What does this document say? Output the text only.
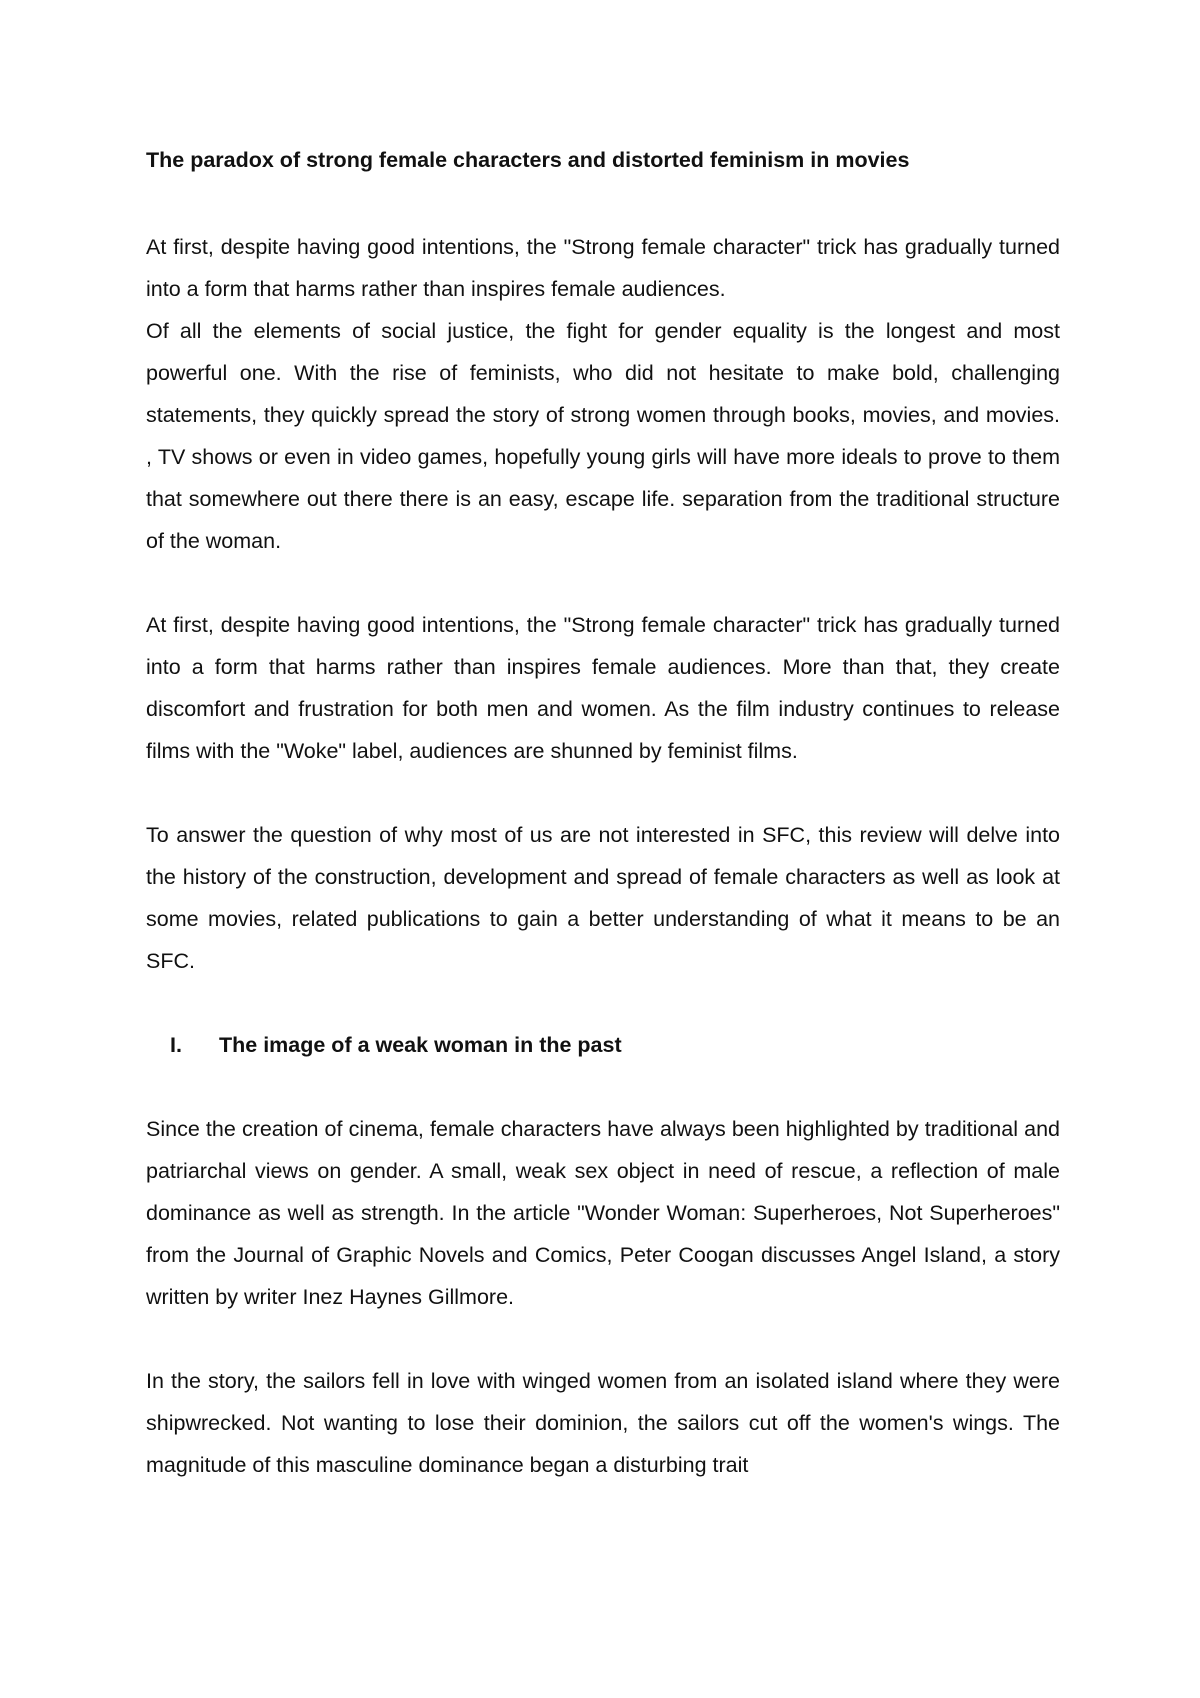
The paradox of strong female characters and distorted feminism in movies

At first, despite having good intentions, the "Strong female character" trick has gradually turned into a form that harms rather than inspires female audiences.

Of all the elements of social justice, the fight for gender equality is the longest and most powerful one. With the rise of feminists, who did not hesitate to make bold, challenging statements, they quickly spread the story of strong women through books, movies, and movies. , TV shows or even in video games, hopefully young girls will have more ideals to prove to them that somewhere out there there is an easy, escape life. separation from the traditional structure of the woman.

At first, despite having good intentions, the "Strong female character" trick has gradually turned into a form that harms rather than inspires female audiences. More than that, they create discomfort and frustration for both men and women. As the film industry continues to release films with the "Woke" label, audiences are shunned by feminist films.

To answer the question of why most of us are not interested in SFC, this review will delve into the history of the construction, development and spread of female characters as well as look at some movies, related publications to gain a better understanding of what it means to be an SFC.

I.	The image of a weak woman in the past

Since the creation of cinema, female characters have always been highlighted by traditional and patriarchal views on gender. A small, weak sex object in need of rescue, a reflection of male dominance as well as strength. In the article "Wonder Woman: Superheroes, Not Superheroes" from the Journal of Graphic Novels and Comics, Peter Coogan discusses Angel Island, a story written by writer Inez Haynes Gillmore.

In the story, the sailors fell in love with winged women from an isolated island where they were shipwrecked. Not wanting to lose their dominion, the sailors cut off the women's wings. The magnitude of this masculine dominance began a disturbing trait
